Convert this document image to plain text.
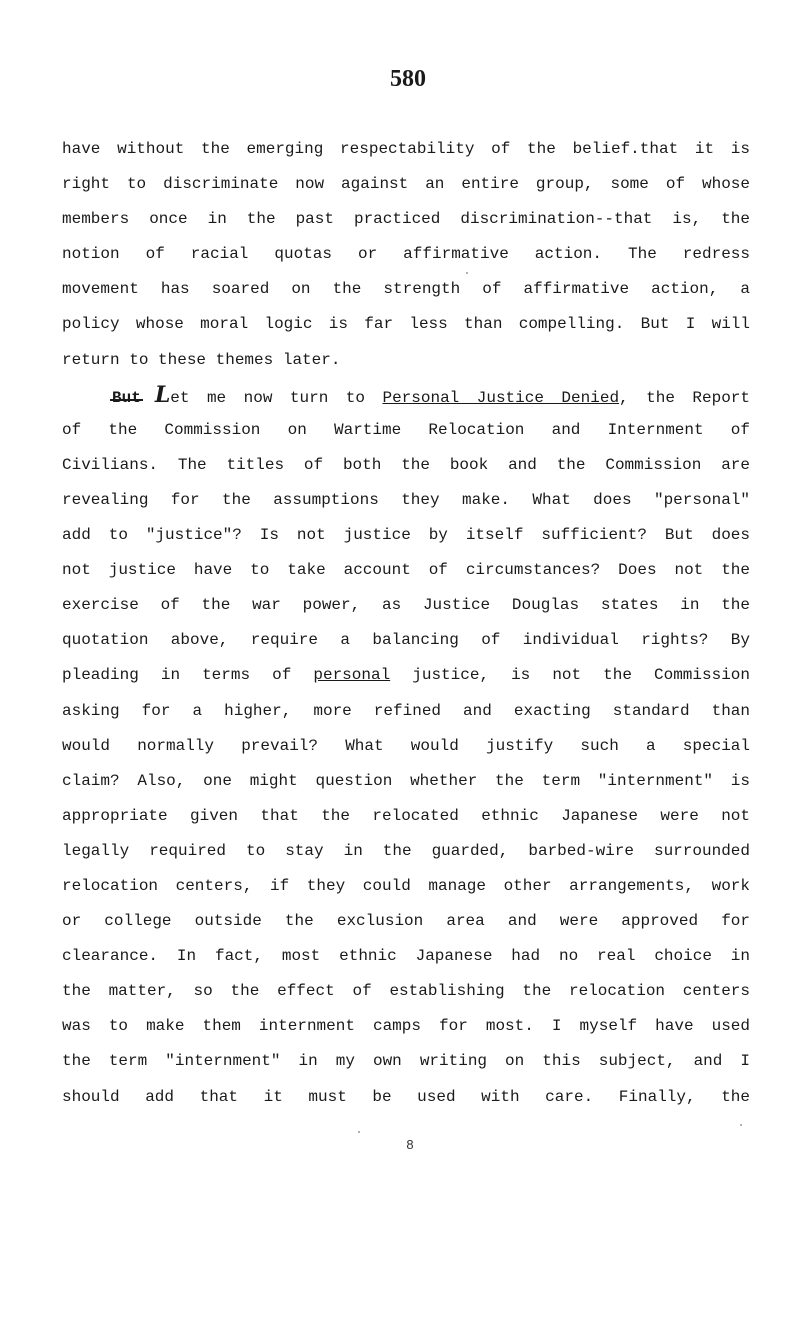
580
have without the emerging respectability of the belief.that it is
right to discriminate now against an entire group, some of whose
members once in the past practiced discrimination--that is, the
notion of racial quotas or affirmative action. The redress
movement has soared on the strength of affirmative action, a
policy whose moral logic is far less than compelling. But I will
return to these themes later.
But Let me now turn to Personal Justice Denied, the Report
of the Commission on Wartime Relocation and Internment of
Civilians. The titles of both the book and the Commission are
revealing for the assumptions they make. What does "personal"
add to "justice"? Is not justice by itself sufficient? But does
not justice have to take account of circumstances? Does not the
exercise of the war power, as Justice Douglas states in the
quotation above, require a balancing of individual rights? By
pleading in terms of personal justice, is not the Commission
asking for a higher, more refined and exacting standard than
would normally prevail? What would justify such a special
claim? Also, one might question whether the term "internment" is
appropriate given that the relocated ethnic Japanese were not
legally required to stay in the guarded, barbed-wire surrounded
relocation centers, if they could manage other arrangements, work
or college outside the exclusion area and were approved for
clearance. In fact, most ethnic Japanese had no real choice in
the matter, so the effect of establishing the relocation centers
was to make them internment camps for most. I myself have used
the term "internment" in my own writing on this subject, and I
should add that it must be used with care. Finally, the
8
